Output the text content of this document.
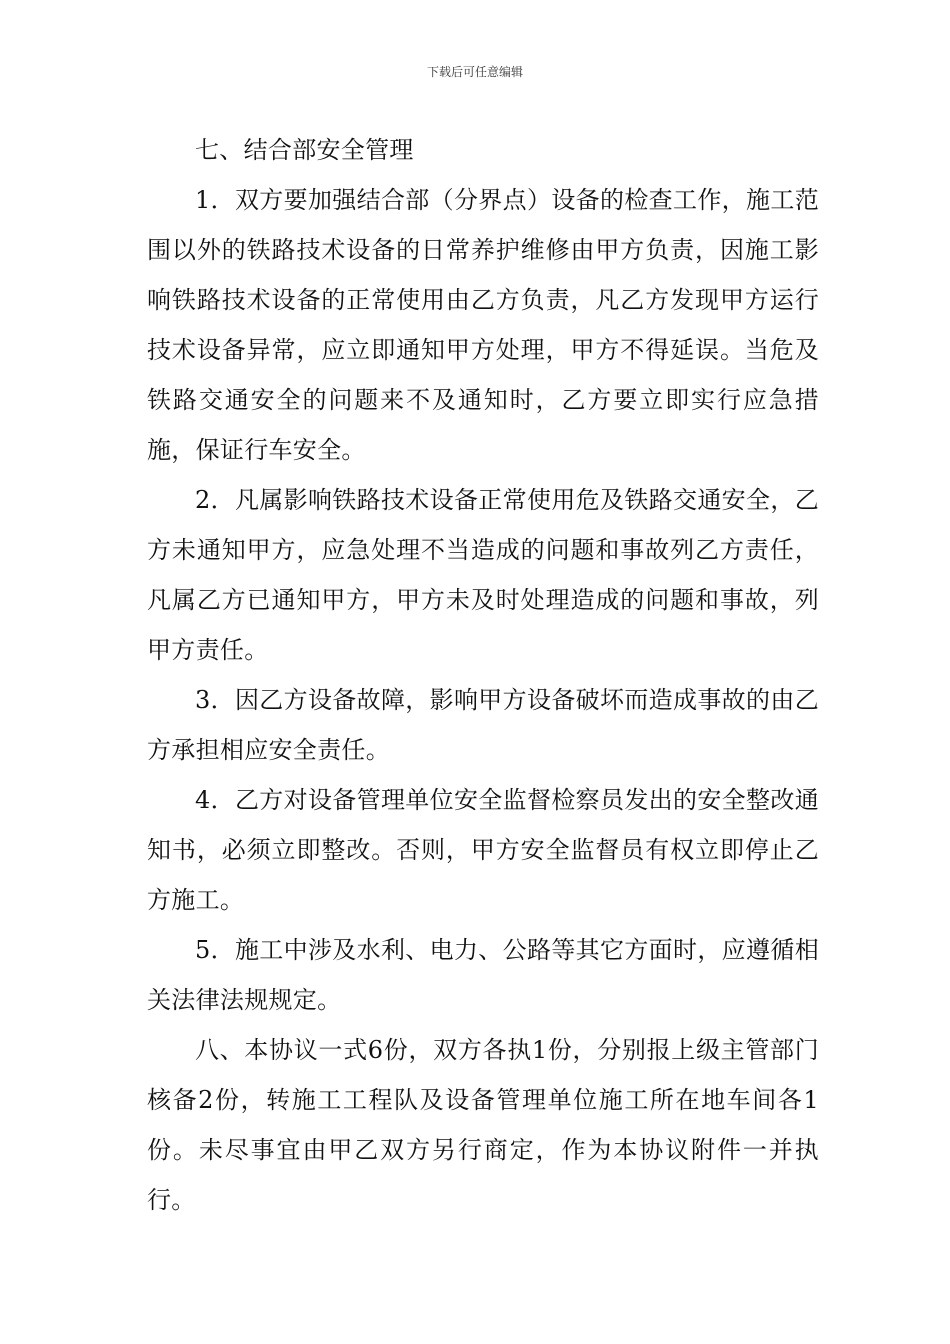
下载后可任意编辑

七、结合部安全管理

1．双方要加强结合部（分界点）设备的检查工作，施工范围以外的铁路技术设备的日常养护维修由甲方负责，因施工影响铁路技术设备的正常使用由乙方负责，凡乙方发现甲方运行技术设备异常，应立即通知甲方处理，甲方不得延误。当危及铁路交通安全的问题来不及通知时，乙方要立即实行应急措施，保证行车安全。

2．凡属影响铁路技术设备正常使用危及铁路交通安全，乙方未通知甲方，应急处理不当造成的问题和事故列乙方责任，凡属乙方已通知甲方，甲方未及时处理造成的问题和事故，列甲方责任。

3．因乙方设备故障，影响甲方设备破坏而造成事故的由乙方承担相应安全责任。

4．乙方对设备管理单位安全监督检察员发出的安全整改通知书，必须立即整改。否则，甲方安全监督员有权立即停止乙方施工。

5．施工中涉及水利、电力、公路等其它方面时，应遵循相关法律法规规定。

八、本协议一式6份，双方各执1份，分别报上级主管部门核备2份，转施工工程队及设备管理单位施工所在地车间各1份。未尽事宜由甲乙双方另行商定，作为本协议附件一并执行。
